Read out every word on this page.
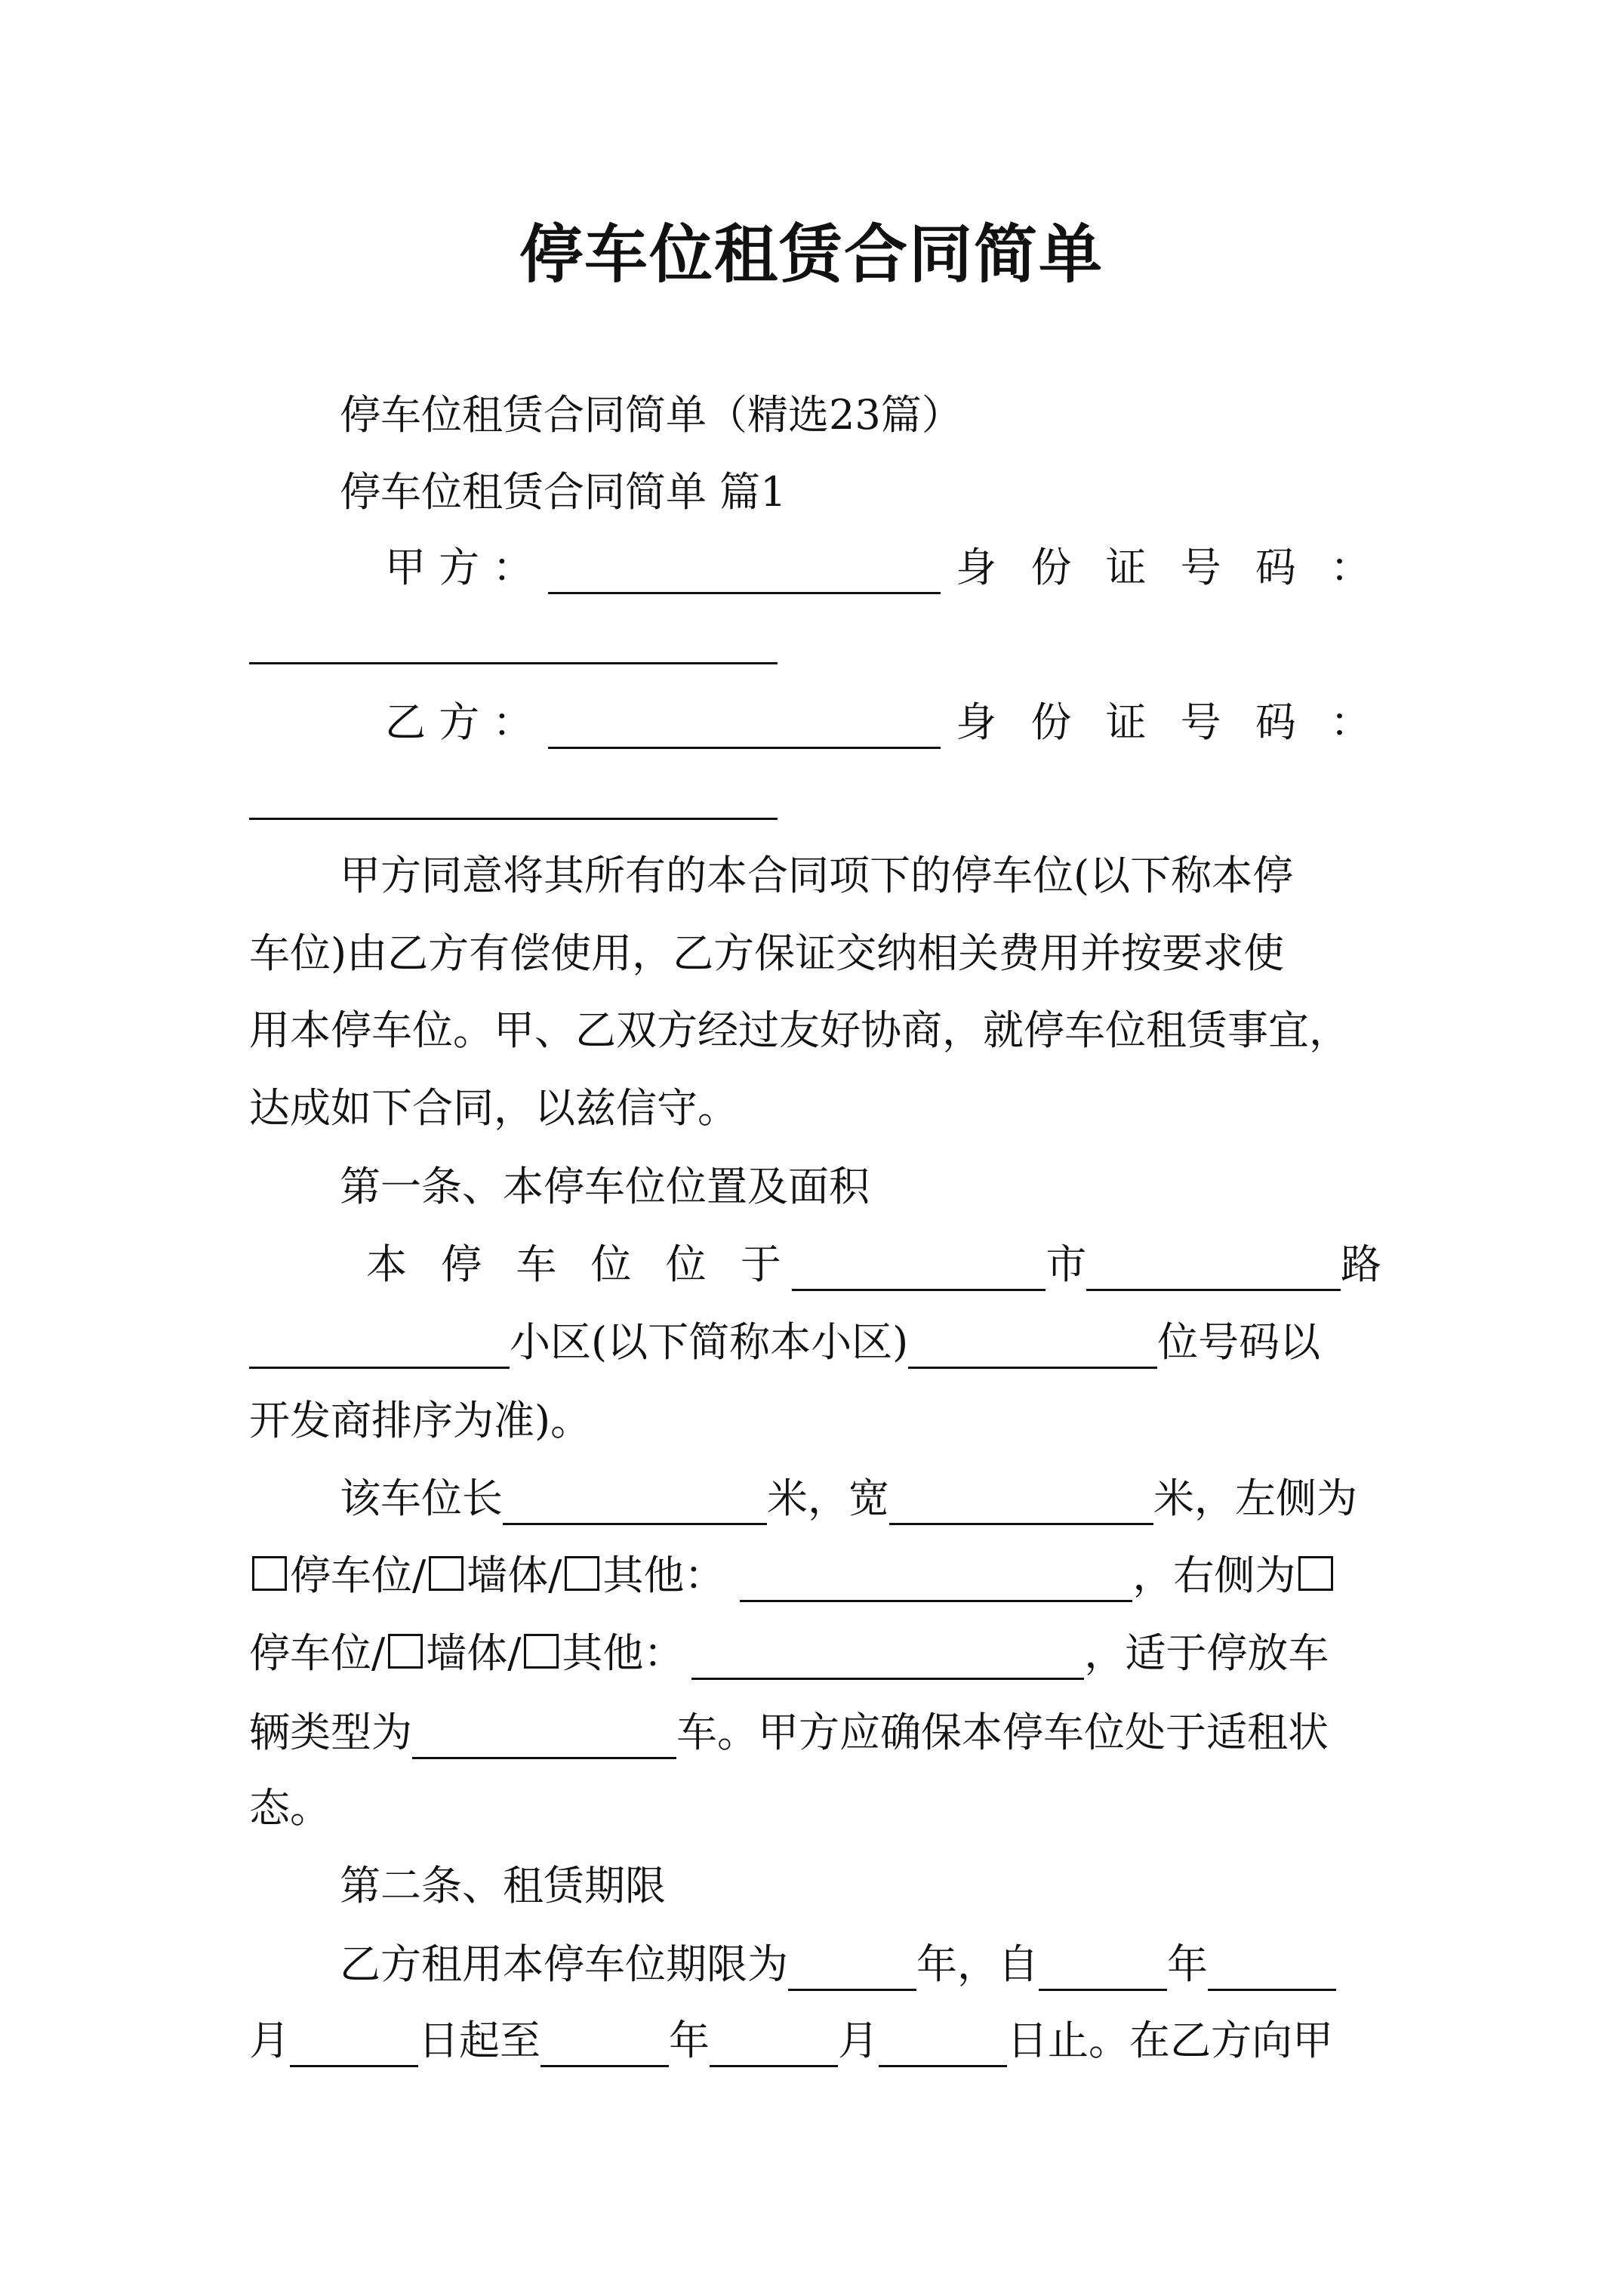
停车位租赁合同简单
停车位租赁合同简单（精选23篇）
停车位租赁合同简单 篇1
甲 方 ：	身 份 证 号 码 ：
乙 方 ：	身 份 证 号 码 ：
甲方同意将其所有的本合同项下的停车位(以下称本停
车位)由乙方有偿使用，乙方保证交纳相关费用并按要求使
用本停车位。甲、乙双方经过友好协商，就停车位租赁事宜，
达成如下合同，以兹信守。
第一条、本停车位位置及面积
本 停 车 位 位 于	市	路
小区(以下简称本小区)	位号码以
开发商排序为准)。
该车位长	米，宽	米，左侧为
停车位/ 墙体/ 其他：	，右侧为
停车位/ 墙体/ 其他：	，适于停放车
辆类型为	车。甲方应确保本停车位处于适租状
态。
第二条、租赁期限
乙方租用本停车位期限为	年，自	年
月	日起至	年	月	日止。在乙方向甲
